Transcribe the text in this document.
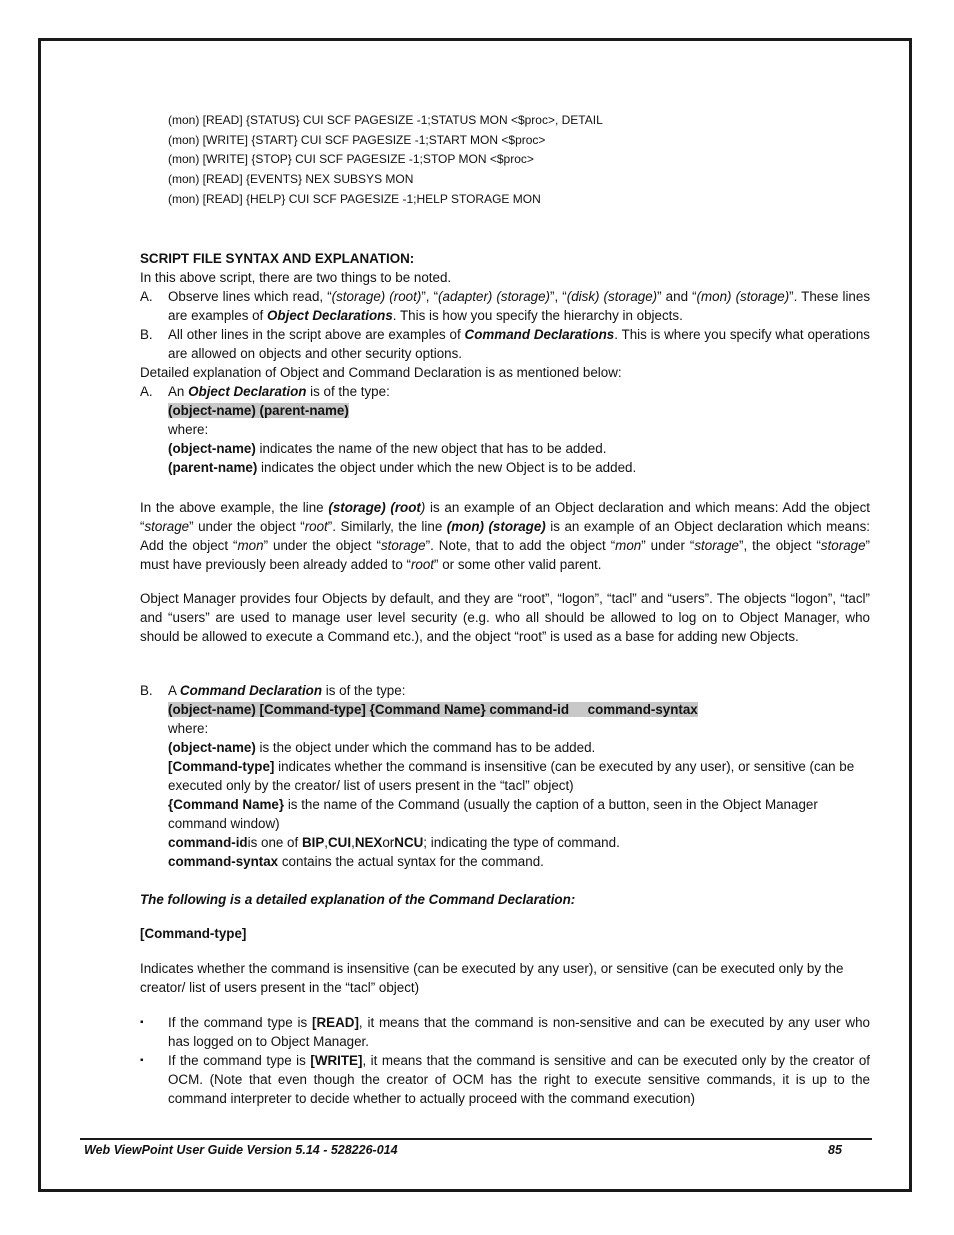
(mon) [READ] {STATUS} CUI SCF PAGESIZE -1;STATUS MON <$proc>, DETAIL
(mon) [WRITE] {START} CUI SCF PAGESIZE -1;START MON <$proc>
(mon) [WRITE] {STOP} CUI SCF PAGESIZE -1;STOP MON <$proc>
(mon) [READ] {EVENTS} NEX SUBSYS MON
(mon) [READ] {HELP} CUI SCF PAGESIZE -1;HELP STORAGE MON

SCRIPT FILE SYNTAX AND EXPLANATION:

In this above script, there are two things to be noted.

A. Observe lines which read, “(storage) (root)”, “(adapter) (storage)”, “(disk) (storage)” and “(mon) (storage)”. These lines are examples of Object Declarations. This is how you specify the hierarchy in objects.
B. All other lines in the script above are examples of Command Declarations. This is where you specify what operations are allowed on objects and other security options.

Detailed explanation of Object and Command Declaration is as mentioned below:

A. An Object Declaration is of the type:
(object-name) (parent-name)
where:
(object-name) indicates the name of the new object that has to be added.
(parent-name) indicates the object under which the new Object is to be added.
In the above example, the line (storage) (root) is an example of an Object declaration and which means: Add the object “storage” under the object “root”. Similarly, the line (mon) (storage) is an example of an Object declaration which means: Add the object “mon” under the object “storage”. Note, that to add the object “mon” under “storage”, the object “storage” must have previously been already added to “root” or some other valid parent.
Object Manager provides four Objects by default, and they are “root”, “logon”, “tacl” and “users”. The objects “logon”, “tacl” and “users” are used to manage user level security (e.g. who all should be allowed to log on to Object Manager, who should be allowed to execute a Command etc.), and the object “root” is used as a base for adding new Objects.
B. A Command Declaration is of the type:
(object-name) [Command-type] {Command Name} command-id     command-syntax
where:
(object-name) is the object under which the command has to be added.
[Command-type] indicates whether the command is insensitive (can be executed by any user), or sensitive (can be executed only by the creator/ list of users present in the “tacl” object)
{Command Name} is the name of the Command (usually the caption of a button, seen in the Object Manager command window)
command-idis one of BIP,CUI,NEXorNCU; indicating the type of command.
command-syntax contains the actual syntax for the command.

The following is a detailed explanation of the Command Declaration:

[Command-type]

Indicates whether the command is insensitive (can be executed by any user), or sensitive (can be executed only by the creator/ list of users present in the “tacl” object)
▪ If the command type is [READ], it means that the command is non-sensitive and can be executed by any user who has logged on to Object Manager.
▪ If the command type is [WRITE], it means that the command is sensitive and can be executed only by the creator of OCM. (Note that even though the creator of OCM has the right to execute sensitive commands, it is up to the command interpreter to decide whether to actually proceed with the command execution)
Web ViewPoint User Guide Version 5.14 - 528226-014	85
